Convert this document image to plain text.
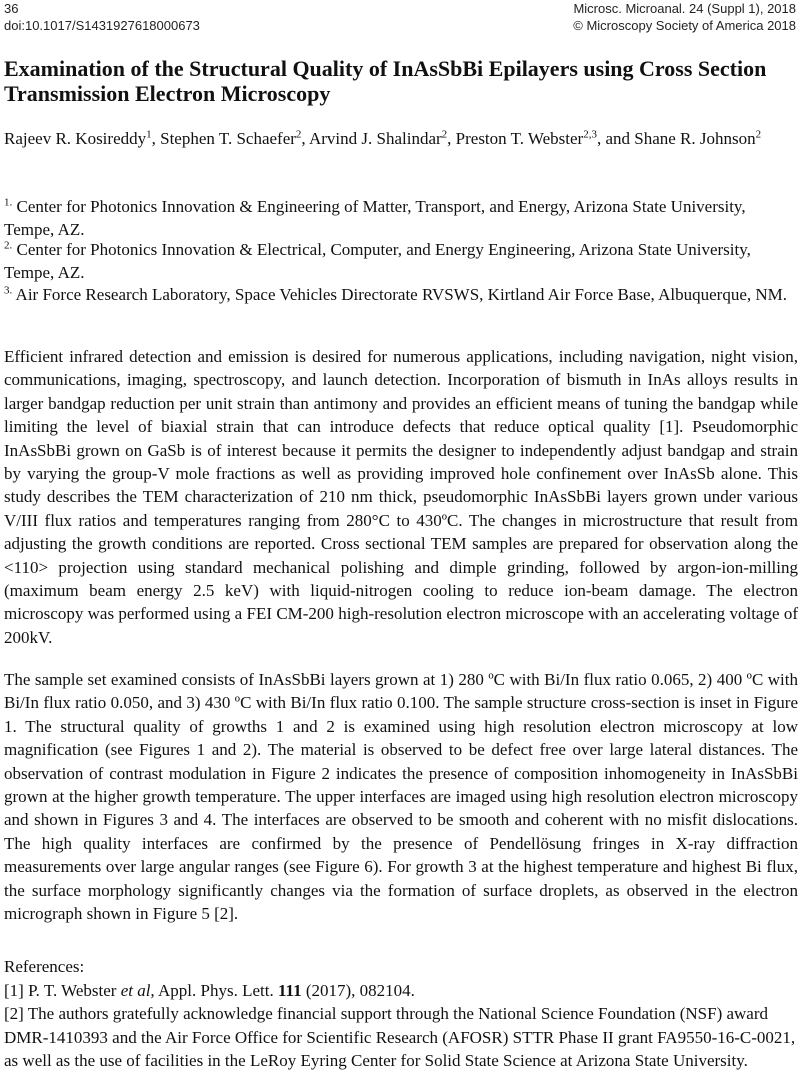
36
doi:10.1017/S1431927618000673
Microsc. Microanal. 24 (Suppl 1), 2018
© Microscopy Society of America 2018
Examination of the Structural Quality of InAsSbBi Epilayers using Cross Section Transmission Electron Microscopy
Rajeev R. Kosireddy$^1$, Stephen T. Schaefer$^2$, Arvind J. Shalindar$^2$, Preston T. Webster$^{2,3}$, and Shane R. Johnson$^2$
$^{1.}$ Center for Photonics Innovation & Engineering of Matter, Transport, and Energy, Arizona State University, Tempe, AZ.
$^{2.}$ Center for Photonics Innovation & Electrical, Computer, and Energy Engineering, Arizona State University, Tempe, AZ.
$^{3.}$ Air Force Research Laboratory, Space Vehicles Directorate RVSWS, Kirtland Air Force Base, Albuquerque, NM.
Efficient infrared detection and emission is desired for numerous applications, including navigation, night vision, communications, imaging, spectroscopy, and launch detection. Incorporation of bismuth in InAs alloys results in larger bandgap reduction per unit strain than antimony and provides an efficient means of tuning the bandgap while limiting the level of biaxial strain that can introduce defects that reduce optical quality [1]. Pseudomorphic InAsSbBi grown on GaSb is of interest because it permits the designer to independently adjust bandgap and strain by varying the group-V mole fractions as well as providing improved hole confinement over InAsSb alone. This study describes the TEM characterization of 210 nm thick, pseudomorphic InAsSbBi layers grown under various V/III flux ratios and temperatures ranging from 280°C to 430ºC. The changes in microstructure that result from adjusting the growth conditions are reported. Cross sectional TEM samples are prepared for observation along the <110> projection using standard mechanical polishing and dimple grinding, followed by argon-ion-milling (maximum beam energy 2.5 keV) with liquid-nitrogen cooling to reduce ion-beam damage. The electron microscopy was performed using a FEI CM-200 high-resolution electron microscope with an accelerating voltage of 200kV.
The sample set examined consists of InAsSbBi layers grown at 1) 280 ºC with Bi/In flux ratio 0.065, 2) 400 ºC with Bi/In flux ratio 0.050, and 3) 430 ºC with Bi/In flux ratio 0.100. The sample structure cross-section is inset in Figure 1. The structural quality of growths 1 and 2 is examined using high resolution electron microscopy at low magnification (see Figures 1 and 2). The material is observed to be defect free over large lateral distances. The observation of contrast modulation in Figure 2 indicates the presence of composition inhomogeneity in InAsSbBi grown at the higher growth temperature. The upper interfaces are imaged using high resolution electron microscopy and shown in Figures 3 and 4. The interfaces are observed to be smooth and coherent with no misfit dislocations. The high quality interfaces are confirmed by the presence of Pendellösung fringes in X-ray diffraction measurements over large angular ranges (see Figure 6). For growth 3 at the highest temperature and highest Bi flux, the surface morphology significantly changes via the formation of surface droplets, as observed in the electron micrograph shown in Figure 5 [2].
References:
[1] P. T. Webster et al, Appl. Phys. Lett. 111 (2017), 082104.
[2] The authors gratefully acknowledge financial support through the National Science Foundation (NSF) award DMR-1410393 and the Air Force Office for Scientific Research (AFOSR) STTR Phase II grant FA9550-16-C-0021, as well as the use of facilities in the LeRoy Eyring Center for Solid State Science at Arizona State University.
